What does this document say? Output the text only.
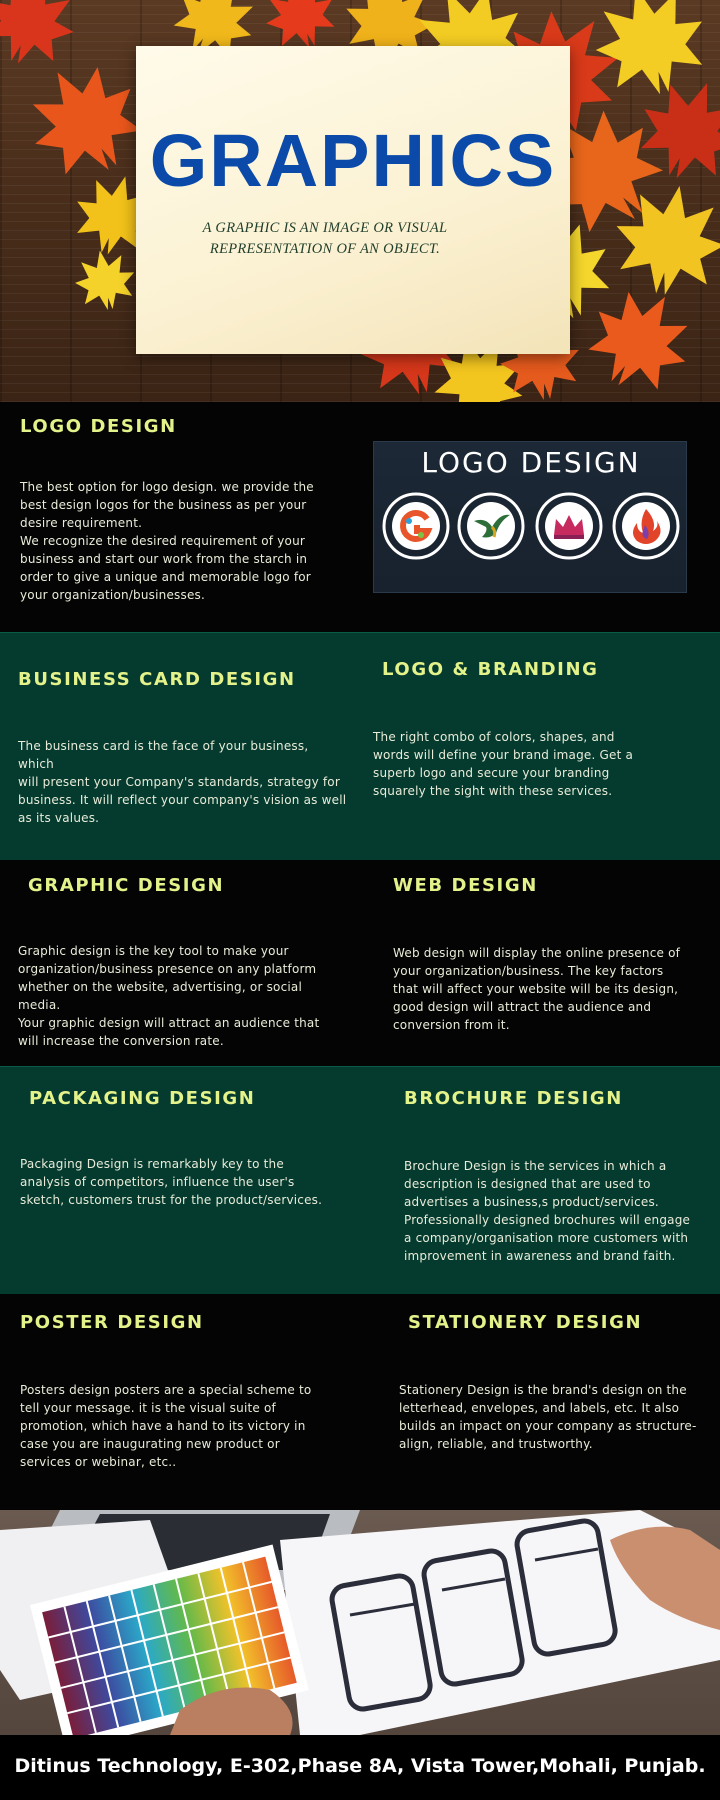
GRAPHICS
A GRAPHIC IS AN IMAGE OR VISUAL
REPRESENTATION OF AN OBJECT.
LOGO DESIGN
The best option for logo design. we provide the
best design logos for the business as per your
desire requirement.
We recognize the desired requirement of your
business and start our work from the starch in
order to give a unique and memorable logo for
your organization/businesses.
LOGO DESIGN
BUSINESS CARD DESIGN
The business card is the face of your business, which
will present your Company's standards, strategy for
business. It will reflect your company's vision as well
as its values.
LOGO & BRANDING
The right combo of colors, shapes, and
words will define your brand image. Get a
superb logo and secure your branding
squarely the sight with these services.
GRAPHIC DESIGN
Graphic design is the key tool to make your
organization/business presence on any platform
whether on the website, advertising, or social
media.
Your graphic design will attract an audience that
will increase the conversion rate.
WEB DESIGN
Web design will display the online presence of
your organization/business. The key factors
that will affect your website will be its design,
good design will attract the audience and
conversion from it.
PACKAGING DESIGN
Packaging Design is remarkably key to the
analysis of competitors, influence the user's
sketch, customers trust for the product/services.
BROCHURE DESIGN
Brochure Design is the services in which a
description is designed that are used to
advertises a business,s product/services.
Professionally designed brochures will engage
a company/organisation more customers with
improvement in awareness and brand faith.
POSTER DESIGN
Posters design posters are a special scheme to
tell your message. it is the visual suite of
promotion, which have a hand to its victory in
case you are inaugurating new product or
services or webinar, etc..
STATIONERY DESIGN
Stationery Design is the brand's design on the
letterhead, envelopes, and labels, etc. It also
builds an impact on your company as structure-
align, reliable, and trustworthy.
Ditinus Technology, E-302,Phase 8A, Vista Tower,Mohali, Punjab.
